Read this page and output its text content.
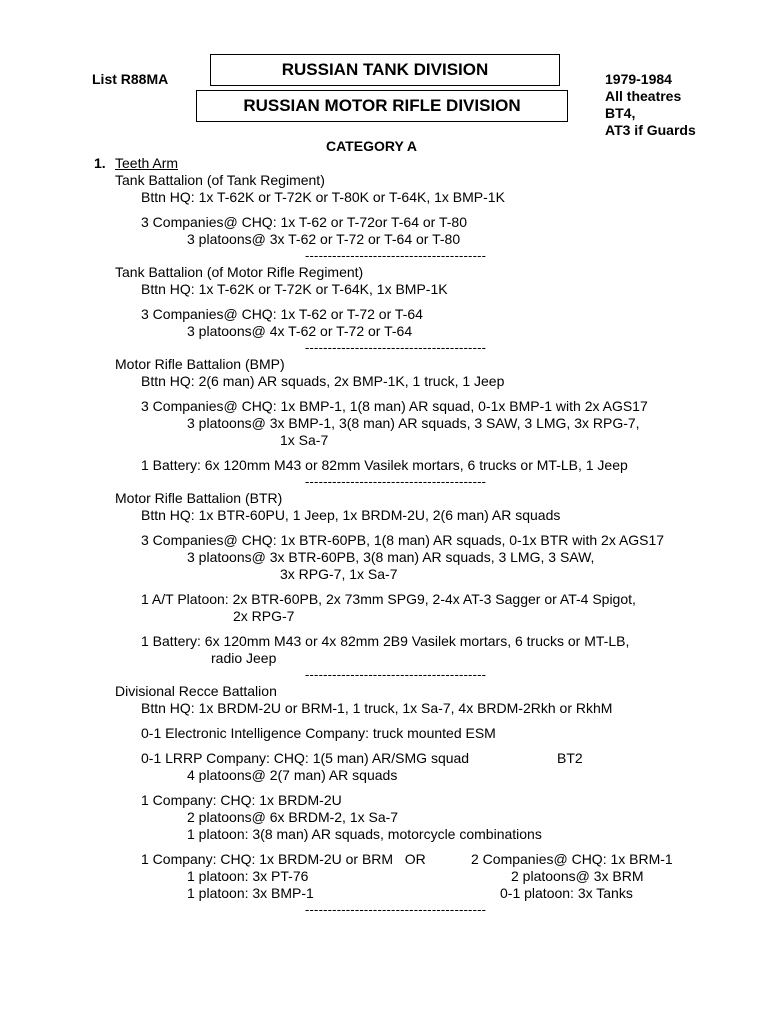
List R88MA	RUSSIAN TANK DIVISION
RUSSIAN MOTOR RIFLE DIVISION
1979-1984
All theatres
BT4,
AT3 if Guards
CATEGORY A
1. Teeth Arm
Tank Battalion (of Tank Regiment)
Bttn HQ: 1x T-62K or T-72K or T-80K or T-64K, 1x BMP-1K
3 Companies@ CHQ: 1x T-62 or T-72or T-64 or T-80
3 platoons@ 3x T-62 or T-72 or T-64 or T-80
----------------------------------------
Tank Battalion (of Motor Rifle Regiment)
Bttn HQ: 1x T-62K or T-72K or T-64K, 1x BMP-1K
3 Companies@ CHQ: 1x T-62 or T-72 or T-64
3 platoons@ 4x T-62 or T-72 or T-64
----------------------------------------
Motor Rifle Battalion (BMP)
Bttn HQ: 2(6 man) AR squads, 2x BMP-1K, 1 truck, 1 Jeep
3 Companies@ CHQ: 1x BMP-1, 1(8 man) AR squad, 0-1x BMP-1 with 2x AGS17
3 platoons@ 3x BMP-1, 3(8 man) AR squads, 3 SAW, 3 LMG, 3x RPG-7,
1x Sa-7
1 Battery: 6x 120mm M43 or 82mm Vasilek mortars, 6 trucks or MT-LB, 1 Jeep
----------------------------------------
Motor Rifle Battalion (BTR)
Bttn HQ: 1x BTR-60PU, 1 Jeep, 1x BRDM-2U, 2(6 man) AR squads
3 Companies@ CHQ: 1x BTR-60PB, 1(8 man) AR squads, 0-1x BTR with 2x AGS17
3 platoons@ 3x BTR-60PB, 3(8 man) AR squads, 3 LMG, 3 SAW,
3x RPG-7, 1x Sa-7
1 A/T Platoon: 2x BTR-60PB, 2x 73mm SPG9, 2-4x AT-3 Sagger or AT-4 Spigot,
2x RPG-7
1 Battery: 6x 120mm M43 or 4x 82mm 2B9 Vasilek mortars, 6 trucks or MT-LB,
radio Jeep
----------------------------------------
Divisional Recce Battalion
Bttn HQ: 1x BRDM-2U or BRM-1, 1 truck, 1x Sa-7, 4x BRDM-2Rkh or RkhM
0-1 Electronic Intelligence Company: truck mounted ESM
0-1 LRRP Company: CHQ: 1(5 man) AR/SMG squad	BT2
4 platoons@ 2(7 man) AR squads
1 Company: CHQ: 1x BRDM-2U
2 platoons@ 6x BRDM-2, 1x Sa-7
1 platoon: 3(8 man) AR squads, motorcycle combinations
1 Company: CHQ: 1x BRDM-2U or BRM   OR	2 Companies@ CHQ: 1x BRM-1
1 platoon: 3x PT-76	2 platoons@ 3x BRM
1 platoon: 3x BMP-1	0-1 platoon: 3x Tanks
----------------------------------------
